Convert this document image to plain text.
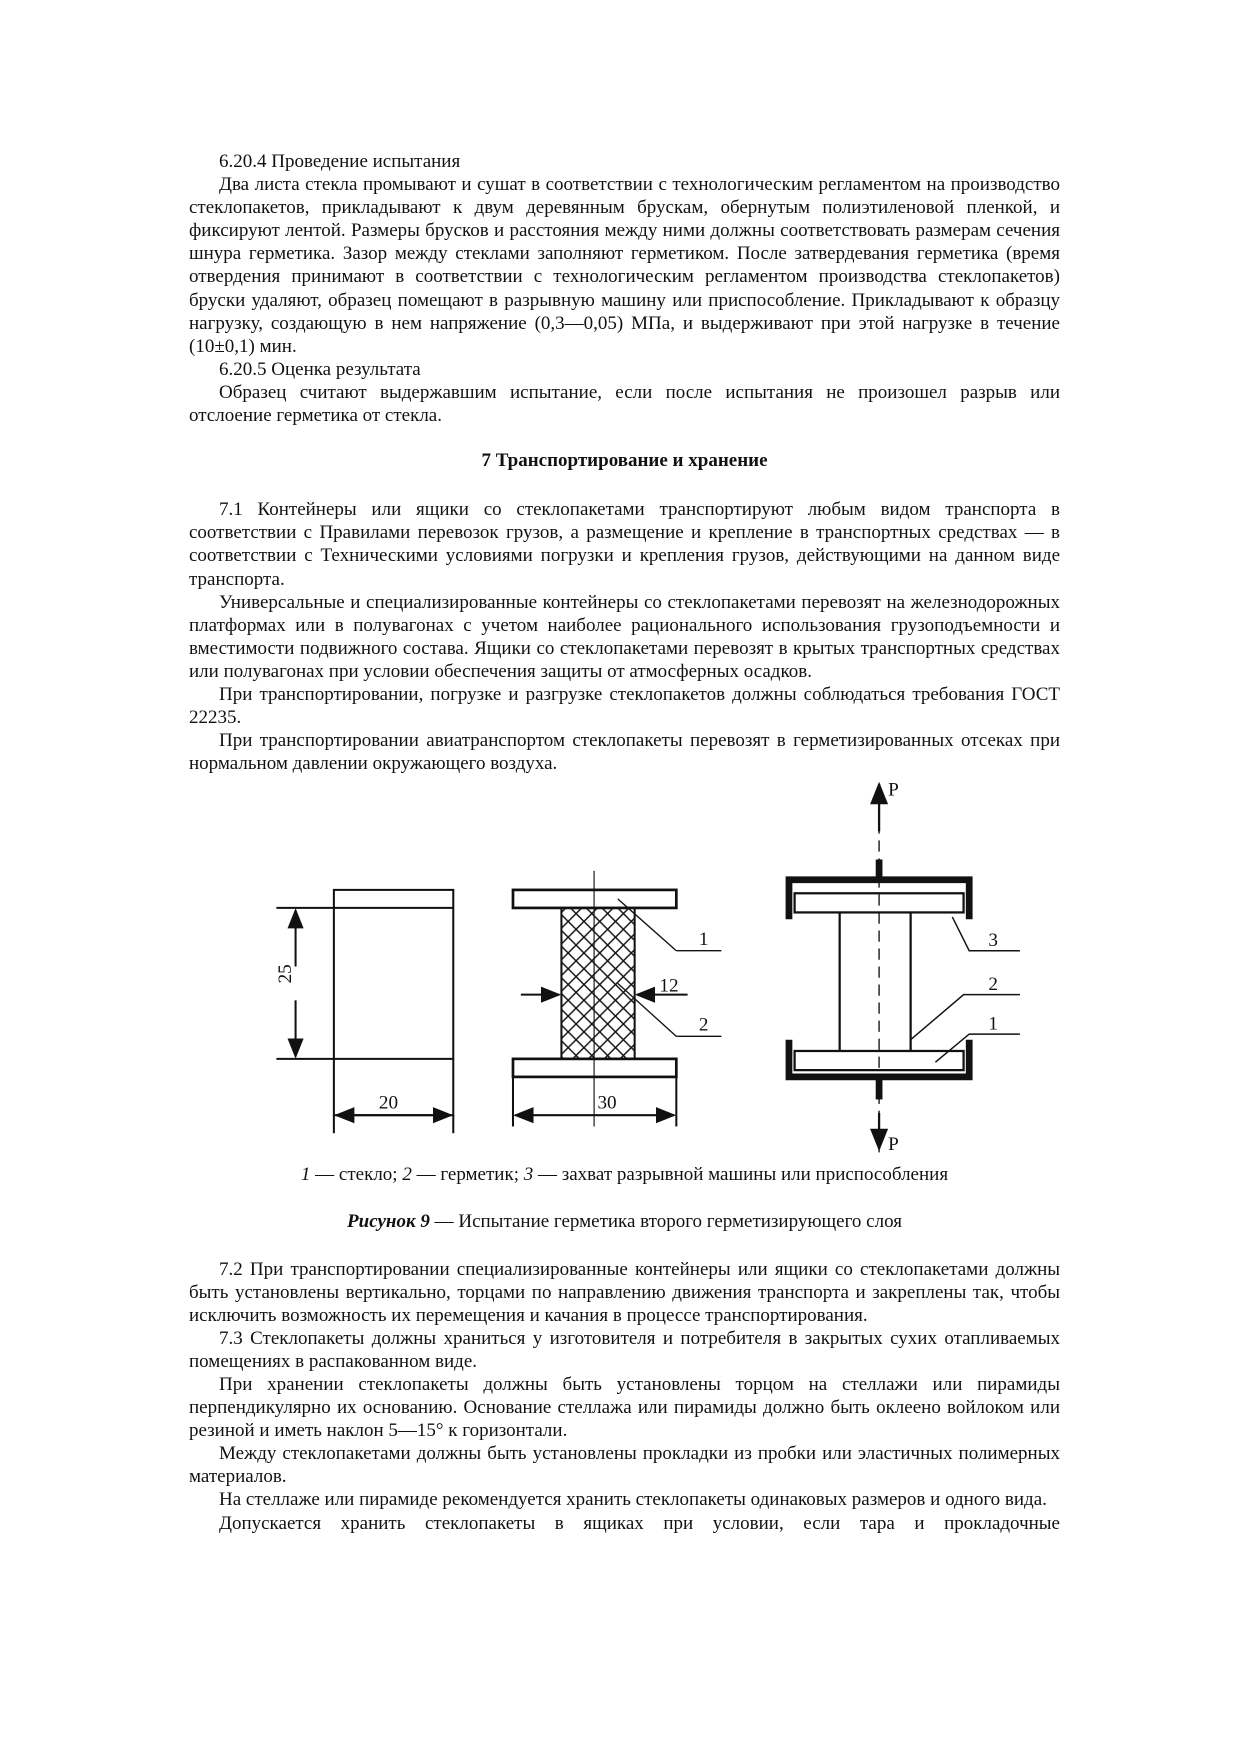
6.20.4 Проведение испытания

Два листа стекла промывают и сушат в соответствии с технологическим регламентом на производство стеклопакетов, прикладывают к двум деревянным брускам, обернутым полиэтиленовой пленкой, и фиксируют лентой. Размеры брусков и расстояния между ними должны соответствовать размерам сечения шнура герметика. Зазор между стеклами заполняют герметиком. После затвердевания герметика (время отвердения принимают в соответствии с технологическим регламентом производства стеклопакетов) бруски удаляют, образец помещают в разрывную машину или приспособление. Прикладывают к образцу нагрузку, создающую в нем напряжение (0,3—0,05) МПа, и выдерживают при этой нагрузке в течение (10±0,1) мин.

6.20.5 Оценка результата

Образец считают выдержавшим испытание, если после испытания не произошел разрыв или отслоение герметика от стекла.

7 Транспортирование и хранение

7.1 Контейнеры или ящики со стеклопакетами транспортируют любым видом транспорта в соответствии с Правилами перевозок грузов, а размещение и крепление в транспортных средствах — в соответствии с Техническими условиями погрузки и крепления грузов, действующими на данном виде транспорта.

Универсальные и специализированные контейнеры со стеклопакетами перевозят на железнодорожных платформах или в полувагонах с учетом наиболее рационального использования грузоподъемности и вместимости подвижного состава. Ящики со стеклопакетами перевозят в крытых транспортных средствах или полувагонах при условии обеспечения защиты от атмосферных осадков.

При транспортировании, погрузке и разгрузке стеклопакетов должны соблюдаться требования ГОСТ 22235.

При транспортировании авиатранспортом стеклопакеты перевозят в герметизированных отсеках при нормальном давлении окружающего воздуха.

25
20
1
2
12
30
3
2
1
P
P

1 — стекло; 2 — герметик; 3 — захват разрывной машины или приспособления

Рисунок 9 — Испытание герметика второго герметизирующего слоя

7.2 При транспортировании специализированные контейнеры или ящики со стеклопакетами должны быть установлены вертикально, торцами по направлению движения транспорта и закреплены так, чтобы исключить возможность их перемещения и качания в процессе транспортирования.

7.3 Стеклопакеты должны храниться у изготовителя и потребителя в закрытых сухих отапливаемых помещениях в распакованном виде.

При хранении стеклопакеты должны быть установлены торцом на стеллажи или пирамиды перпендикулярно их основанию. Основание стеллажа или пирамиды должно быть оклеено войлоком или резиной и иметь наклон 5—15° к горизонтали.

Между стеклопакетами должны быть установлены прокладки из пробки или эластичных полимерных материалов.

На стеллаже или пирамиде рекомендуется хранить стеклопакеты одинаковых размеров и одного вида.

Допускается хранить стеклопакеты в ящиках при условии, если тара и прокладочные
